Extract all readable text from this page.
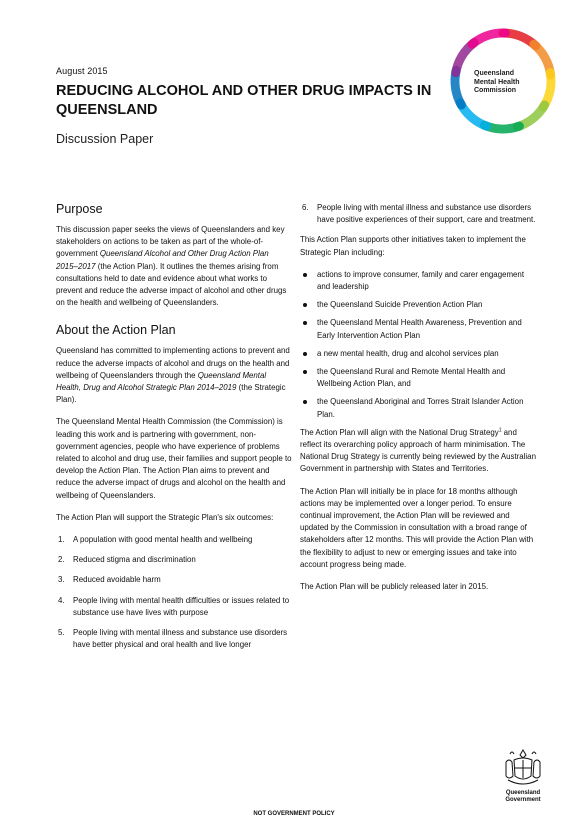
August 2015
REDUCING ALCOHOL AND OTHER DRUG IMPACTS IN QUEENSLAND
Discussion Paper
Queensland
Mental Health
Commission
Purpose

This discussion paper seeks the views of Queenslanders and key stakeholders on actions to be taken as part of the whole-of-government Queensland Alcohol and Other Drug Action Plan 2015–2017 (the Action Plan). It outlines the themes arising from consultations held to date and evidence about what works to prevent and reduce the adverse impact of alcohol and other drugs on the health and wellbeing of Queenslanders.

About the Action Plan

Queensland has committed to implementing actions to prevent and reduce the adverse impacts of alcohol and drugs on the health and wellbeing of Queenslanders through the Queensland Mental Health, Drug and Alcohol Strategic Plan 2014–2019 (the Strategic Plan).

The Queensland Mental Health Commission (the Commission) is leading this work and is partnering with government, non-government agencies, people who have experience of problems related to alcohol and drug use, their families and support people to develop the Action Plan. The Action Plan aims to prevent and reduce the adverse impact of drugs and alcohol on the health and wellbeing of Queenslanders.

The Action Plan will support the Strategic Plan's six outcomes:

1. A population with good mental health and wellbeing
2. Reduced stigma and discrimination
3. Reduced avoidable harm
4. People living with mental health difficulties or issues related to substance use have lives with purpose
5. People living with mental illness and substance use disorders have better physical and oral health and live longer
6. People living with mental illness and substance use disorders have positive experiences of their support, care and treatment.

This Action Plan supports other initiatives taken to implement the Strategic Plan including:

actions to improve consumer, family and carer engagement and leadership
the Queensland Suicide Prevention Action Plan
the Queensland Mental Health Awareness, Prevention and Early Intervention Action Plan
a new mental health, drug and alcohol services plan
the Queensland Rural and Remote Mental Health and Wellbeing Action Plan, and
the Queensland Aboriginal and Torres Strait Islander Action Plan.

The Action Plan will align with the National Drug Strategy$^1$ and reflect its overarching policy approach of harm minimisation. The National Drug Strategy is currently being reviewed by the Australian Government in partnership with States and Territories.

The Action Plan will initially be in place for 18 months although actions may be implemented over a longer period. To ensure continual improvement, the Action Plan will be reviewed and updated by the Commission in consultation with a broad range of stakeholders after 12 months. This will provide the Action Plan with the flexibility to adjust to new or emerging issues and take into account progress being made.

The Action Plan will be publicly released later in 2015.

Queensland
Government
NOT GOVERNMENT POLICY
